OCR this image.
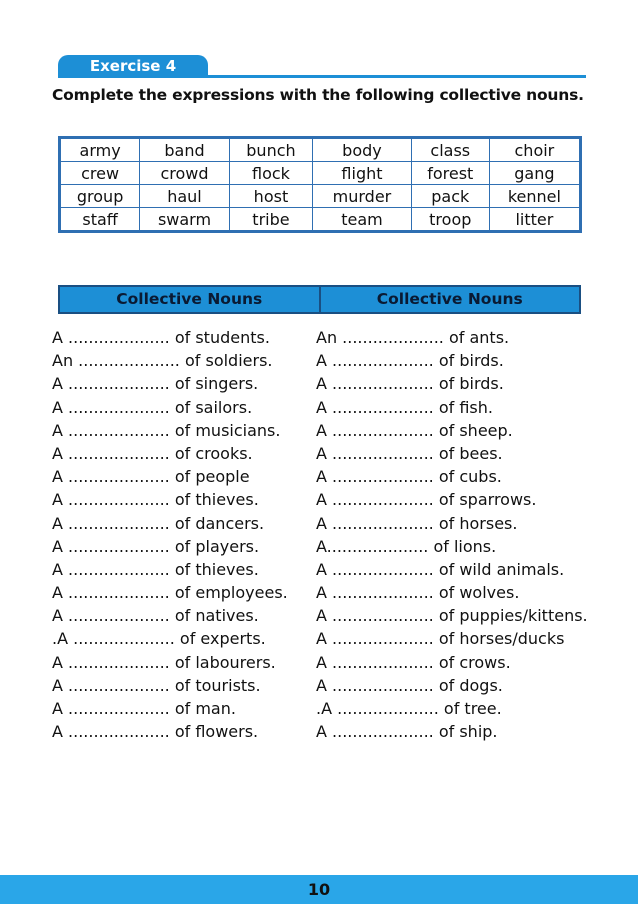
Exercise 4
Complete the expressions with the following collective nouns.
army	band	bunch	body	class	choir
crew	crowd	flock	flight	forest	gang
group	haul	host	murder	pack	kennel
staff	swarm	tribe	team	troop	litter
Collective Nouns	Collective Nouns
A .................... of students.
An .................... of soldiers.
A .................... of singers.
A .................... of sailors.
A .................... of musicians.
A .................... of crooks.
A .................... of people
A .................... of thieves.
A .................... of dancers.
A .................... of players.
A .................... of thieves.
A .................... of employees.
A .................... of natives.
.A .................... of experts.
A .................... of labourers.
A .................... of tourists.
A .................... of man.
A .................... of flowers.
An .................... of ants.
A .................... of birds.
A .................... of birds.
A .................... of fish.
A .................... of sheep.
A .................... of bees.
A .................... of cubs.
A .................... of sparrows.
A .................... of horses.
A.................... of lions.
A .................... of wild animals.
A .................... of wolves.
A .................... of puppies/kittens.
A .................... of horses/ducks
A .................... of crows.
A .................... of dogs.
.A .................... of tree.
A .................... of ship.
10
